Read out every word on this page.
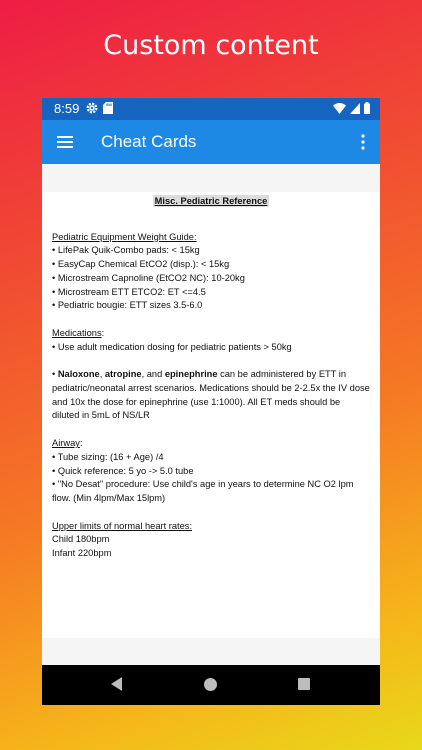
Custom content
8:59
Cheat Cards
Misc. Pediatric Reference
Pediatric Equipment Weight Guide:
• LifePak Quik-Combo pads: < 15kg
• EasyCap Chemical EtCO2 (disp.): < 15kg
• Microstream Capnoline (EtCO2 NC): 10-20kg
• Microstream ETT ETCO2: ET <=4.5
• Pediatric bougie: ETT sizes 3.5-6.0
Medications:
• Use adult medication dosing for pediatric patients > 50kg
• Naloxone, atropine, and epinephrine can be administered by ETT in pediatric/neonatal arrest scenarios. Medications should be 2-2.5x the IV dose and 10x the dose for epinephrine (use 1:1000). All ET meds should be diluted in 5mL of NS/LR
Airway:
• Tube sizing: (16 + Age) /4
• Quick reference: 5 yo -> 5.0 tube
• "No Desat" procedure: Use child's age in years to determine NC O2 lpm flow. (Min 4lpm/Max 15lpm)
Upper limits of normal heart rates:
Child 180bpm
Infant 220bpm
